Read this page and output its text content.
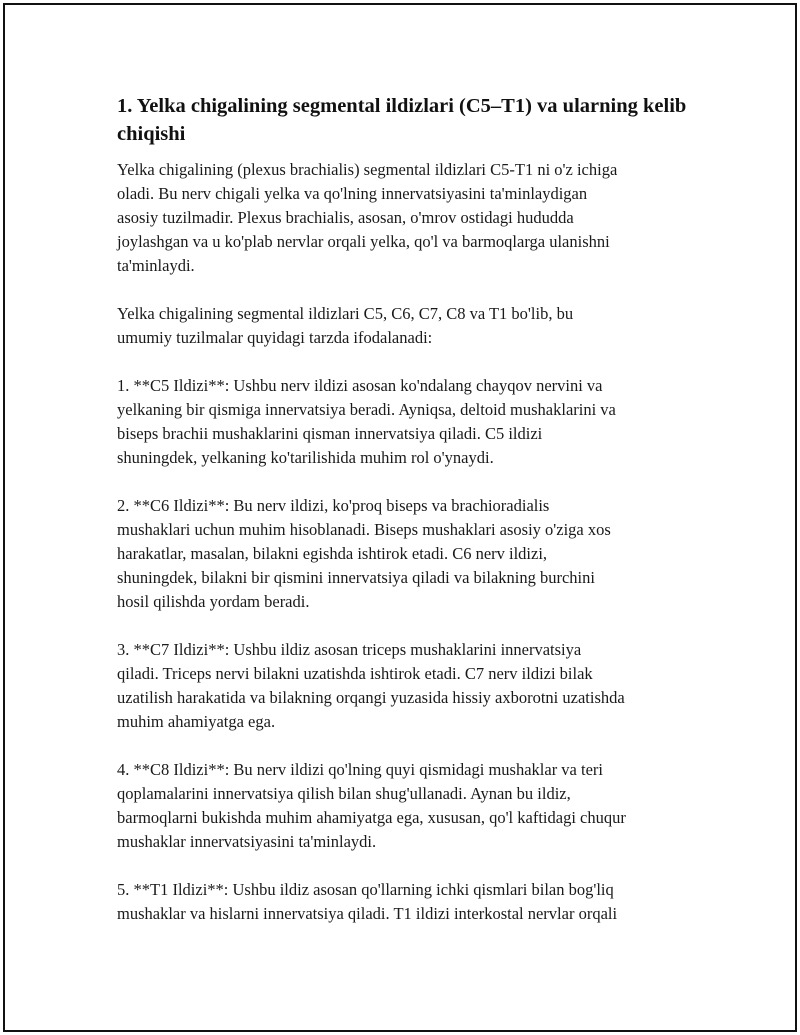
1. Yelka chigalining segmental ildizlari (C5–T1) va ularning kelib chiqishi

Yelka chigalining (plexus brachialis) segmental ildizlari C5-T1 ni o'z ichiga
oladi. Bu nerv chigali yelka va qo'lning innervatsiyasini ta'minlaydigan
asosiy tuzilmadir. Plexus brachialis, asosan, o'mrov ostidagi hududda
joylashgan va u ko'plab nervlar orqali yelka, qo'l va barmoqlarga ulanishni
ta'minlaydi.

Yelka chigalining segmental ildizlari C5, C6, C7, C8 va T1 bo'lib, bu
umumiy tuzilmalar quyidagi tarzda ifodalanadi:

1. **C5 Ildizi**: Ushbu nerv ildizi asosan ko'ndalang chayqov nervini va
yelkaning bir qismiga innervatsiya beradi. Ayniqsa, deltoid mushaklarini va
biseps brachii mushaklarini qisman innervatsiya qiladi. C5 ildizi
shuningdek, yelkaning ko'tarilishida muhim rol o'ynaydi.

2. **C6 Ildizi**: Bu nerv ildizi, ko'proq biseps va brachioradialis
mushaklari uchun muhim hisoblanadi. Biseps mushaklari asosiy o'ziga xos
harakatlar, masalan, bilakni egishda ishtirok etadi. C6 nerv ildizi,
shuningdek, bilakni bir qismini innervatsiya qiladi va bilakning burchini
hosil qilishda yordam beradi.

3. **C7 Ildizi**: Ushbu ildiz asosan triceps mushaklarini innervatsiya
qiladi. Triceps nervi bilakni uzatishda ishtirok etadi. C7 nerv ildizi bilak
uzatilish harakatida va bilakning orqangi yuzasida hissiy axborotni uzatishda
muhim ahamiyatga ega.

4. **C8 Ildizi**: Bu nerv ildizi qo'lning quyi qismidagi mushaklar va teri
qoplamalarini innervatsiya qilish bilan shug'ullanadi. Aynan bu ildiz,
barmoqlarni bukishda muhim ahamiyatga ega, xususan, qo'l kaftidagi chuqur
mushaklar innervatsiyasini ta'minlaydi.

5. **T1 Ildizi**: Ushbu ildiz asosan qo'llarning ichki qismlari bilan bog'liq
mushaklar va hislarni innervatsiya qiladi. T1 ildizi interkostal nervlar orqali
